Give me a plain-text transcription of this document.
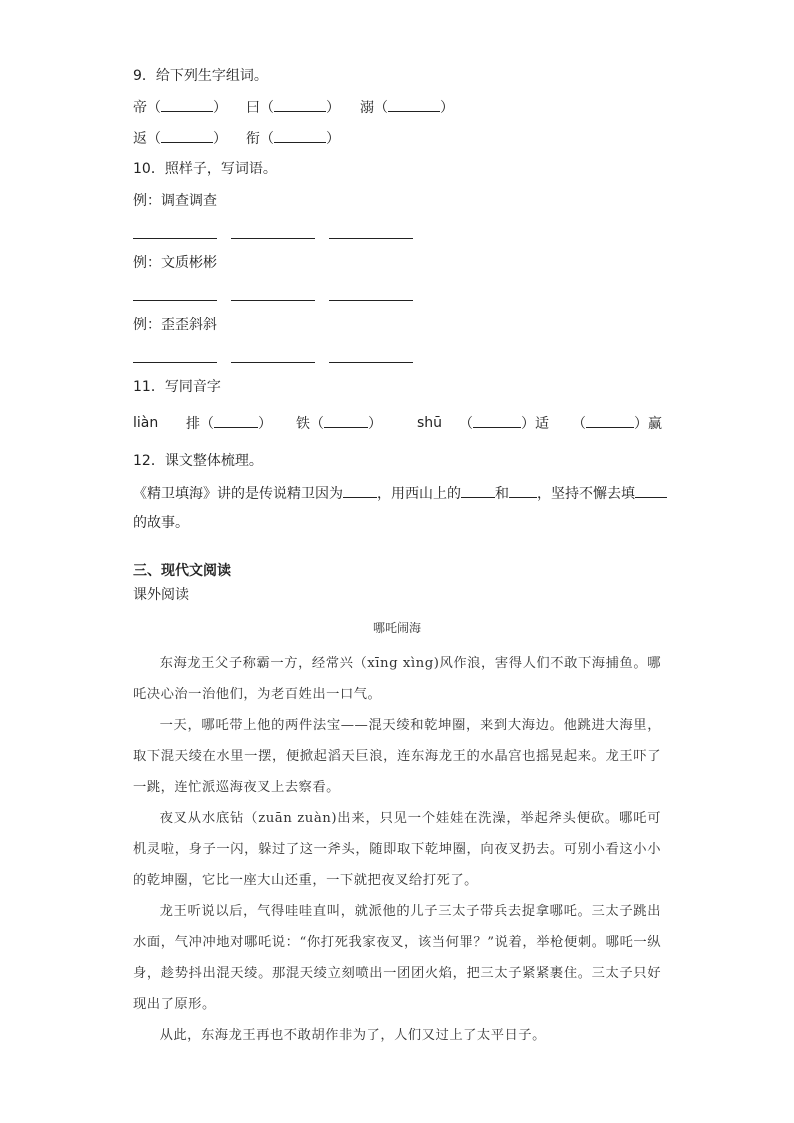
9．给下列生字组词。
帝（	） 曰（	） 溺（	）
返（	） 衔（	）
10．照样子，写词语。
例：调查调查
例：文质彬彬
例：歪歪斜斜
11．写同音字
liàn 排（	） 铁（	）	shū （	）适 （	）赢
12．课文整体梳理。
《精卫填海》讲的是传说精卫因为 ，用西山上的 和 ，坚持不懈去填
的故事。
三、现代文阅读
课外阅读
哪吒闹海

东海龙王父子称霸一方，经常兴（xīng xìng)风作浪，害得人们不敢下海捕鱼。哪吒决心治一治他们，为老百姓出一口气。

一天，哪吒带上他的两件法宝——混天绫和乾坤圈，来到大海边。他跳进大海里，取下混天绫在水里一摆，便掀起滔天巨浪，连东海龙王的水晶宫也摇晃起来。龙王吓了一跳，连忙派巡海夜叉上去察看。

夜叉从水底钻（zuān zuàn)出来，只见一个娃娃在洗澡，举起斧头便砍。哪吒可机灵啦，身子一闪，躲过了这一斧头，随即取下乾坤圈，向夜叉扔去。可别小看这小小的乾坤圈，它比一座大山还重，一下就把夜叉给打死了。

龙王听说以后，气得哇哇直叫，就派他的儿子三太子带兵去捉拿哪吒。三太子跳出水面，气冲冲地对哪吒说：“你打死我家夜叉，该当何罪？”说着，举枪便刺。哪吒一纵身，趁势抖出混天绫。那混天绫立刻喷出一团团火焰，把三太子紧紧裹住。三太子只好现出了原形。

从此，东海龙王再也不敢胡作非为了，人们又过上了太平日子。
